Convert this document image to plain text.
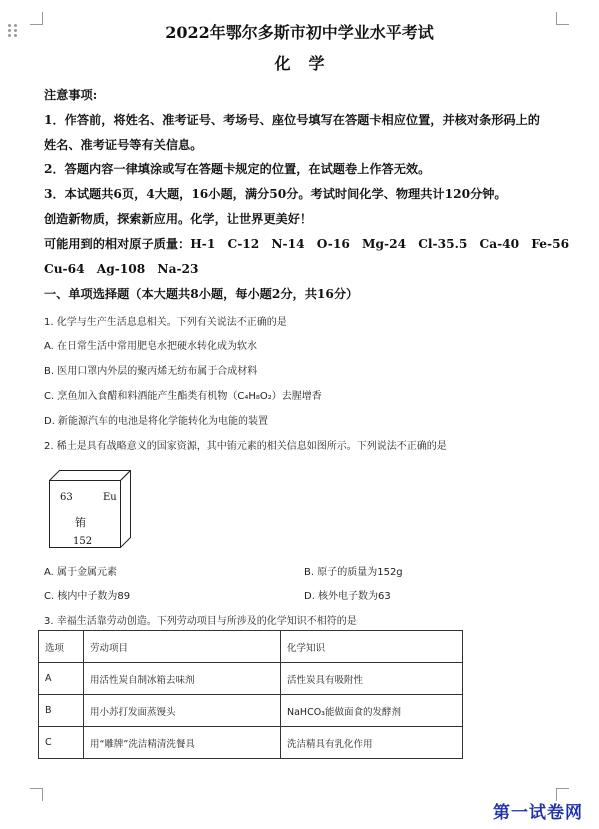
2022年鄂尔多斯市初中学业水平考试
化学
注意事项:
1．作答前，将姓名、准考证号、考场号、座位号填写在答题卡相应位置，并核对条形码上的
姓名、准考证号等有关信息。
2．答题内容一律填涂或写在答题卡规定的位置，在试题卷上作答无效。
3．本试题共6页，4大题，16小题，满分50分。考试时间化学、物理共计120分钟。
创造新物质，探索新应用。化学，让世界更美好！
可能用到的相对原子质量：H-1　C-12　N-14　O-16　Mg-24　Cl-35.5　Ca-40　Fe-56
Cu-64　Ag-108　Na-23
一、单项选择题（本大题共8小题，每小题2分，共16分）
1. 化学与生产生活息息相关。下列有关说法不正确的是
A. 在日常生活中常用肥皂水把硬水转化成为软水
B. 医用口罩内外层的聚丙烯无纺布属于合成材料
C. 烹鱼加入食醋和料酒能产生酯类有机物（C₄H₈O₂）去腥增香
D. 新能源汽车的电池是将化学能转化为电能的装置
2. 稀土是具有战略意义的国家资源，其中铕元素的相关信息如图所示。下列说法不正确的是
63	Eu
铕
152
A. 属于金属元素	B. 原子的质量为152g
C. 核内中子数为89	D. 核外电子数为63
3. 幸福生活靠劳动创造。下列劳动项目与所涉及的化学知识不相符的是
选项	劳动项目	化学知识
A	用活性炭自制冰箱去味剂	活性炭具有吸附性
B	用小苏打发面蒸馒头	NaHCO₃能做面食的发酵剂
C	用“雕牌”洗洁精清洗餐具	洗洁精具有乳化作用
第一试卷网
